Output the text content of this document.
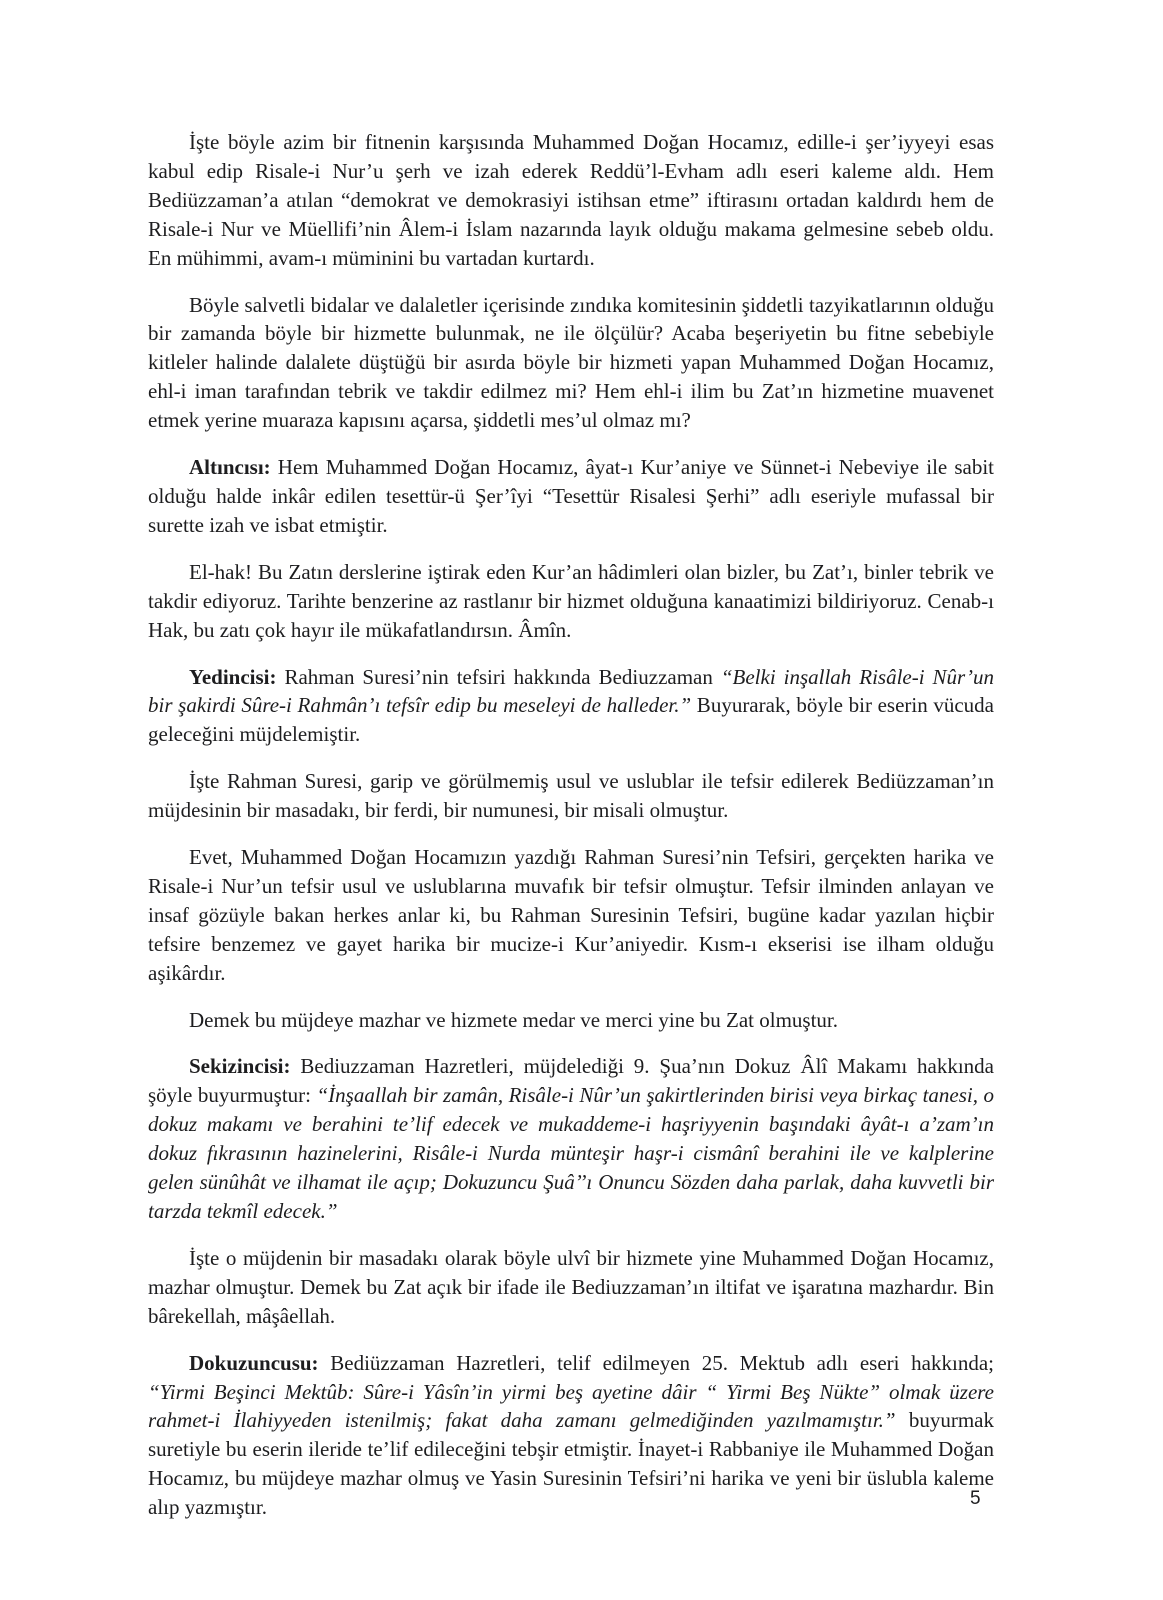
İşte böyle azim bir fitnenin karşısında Muhammed Doğan Hocamız, edille-i şer’iyyeyi esas kabul edip Risale-i Nur’u şerh ve izah ederek Reddü’l-Evham adlı eseri kaleme aldı. Hem Bediüzzaman’a atılan “demokrat ve demokrasiyi istihsan etme” iftirasını ortadan kaldırdı hem de Risale-i Nur ve Müellifi’nin Âlem-i İslam nazarında layık olduğu makama gelmesine sebeb oldu. En mühimmi, avam-ı müminini bu vartadan kurtardı.

Böyle salvetli bidalar ve dalaletler içerisinde zındıka komitesinin şiddetli tazyikatlarının olduğu bir zamanda böyle bir hizmette bulunmak, ne ile ölçülür? Acaba beşeriyetin bu fitne sebebiyle kitleler halinde dalalete düştüğü bir asırda böyle bir hizmeti yapan Muhammed Doğan Hocamız, ehl-i iman tarafından tebrik ve takdir edilmez mi? Hem ehl-i ilim bu Zat’ın hizmetine muavenet etmek yerine muaraza kapısını açarsa, şiddetli mes’ul olmaz mı?

Altıncısı: Hem Muhammed Doğan Hocamız, âyat-ı Kur’aniye ve Sünnet-i Nebeviye ile sabit olduğu halde inkâr edilen tesettür-ü Şer’îyi “Tesettür Risalesi Şerhi” adlı eseriyle mufassal bir surette izah ve isbat etmiştir.

El-hak! Bu Zatın derslerine iştirak eden Kur’an hâdimleri olan bizler, bu Zat’ı, binler tebrik ve takdir ediyoruz. Tarihte benzerine az rastlanır bir hizmet olduğuna kanaatimizi bildiriyoruz. Cenab-ı Hak, bu zatı çok hayır ile mükafatlandırsın. Âmîn.

Yedincisi: Rahman Suresi’nin tefsiri hakkında Bediuzzaman “Belki inşallah Risâle-i Nûr’un bir şakirdi Sûre-i Rahmân’ı tefsîr edip bu meseleyi de halleder.” Buyurarak, böyle bir eserin vücuda geleceğini müjdelemiştir.

İşte Rahman Suresi, garip ve görülmemiş usul ve uslublar ile tefsir edilerek Bediüzzaman’ın müjdesinin bir masadakı, bir ferdi, bir numunesi, bir misali olmuştur.

Evet, Muhammed Doğan Hocamızın yazdığı Rahman Suresi’nin Tefsiri, gerçekten harika ve Risale-i Nur’un tefsir usul ve uslublarına muvafık bir tefsir olmuştur. Tefsir ilminden anlayan ve insaf gözüyle bakan herkes anlar ki, bu Rahman Suresinin Tefsiri, bugüne kadar yazılan hiçbir tefsire benzemez ve gayet harika bir mucize-i Kur’aniyedir. Kısm-ı ekserisi ise ilham olduğu aşikârdır.

Demek bu müjdeye mazhar ve hizmete medar ve merci yine bu Zat olmuştur.

Sekizincisi: Bediuzzaman Hazretleri, müjdelediği 9. Şua’nın Dokuz Âlî Makamı hakkında şöyle buyurmuştur: “İnşaallah bir zamân, Risâle-i Nûr’un şakirtlerinden birisi veya birkaç tanesi, o dokuz makamı ve berahini te’lif edecek ve mukaddeme-i haşriyyenin başındaki âyât-ı a’zam’ın dokuz fıkrasının hazinelerini, Risâle-i Nurda münteşir haşr-i cismânî berahini ile ve kalplerine gelen sünûhât ve ilhamat ile açıp; Dokuzuncu Şuâ’’ı Onuncu Sözden daha parlak, daha kuvvetli bir tarzda tekmîl edecek.”

İşte o müjdenin bir masadakı olarak böyle ulvî bir hizmete yine Muhammed Doğan Hocamız, mazhar olmuştur. Demek bu Zat açık bir ifade ile Bediuzzaman’ın iltifat ve işaratına mazhardır. Bin bârekellah, mâşâellah.

Dokuzuncusu: Bediüzzaman Hazretleri, telif edilmeyen 25. Mektub adlı eseri hakkında; “Yirmi Beşinci Mektûb: Sûre-i Yâsîn’in yirmi beş ayetine dâir “ Yirmi Beş Nükte” olmak üzere rahmet-i İlahiyyeden istenilmiş; fakat daha zamanı gelmediğinden yazılmamıştır.” buyurmak suretiyle bu eserin ileride te’lif edileceğini tebşir etmiştir. İnayet-i Rabbaniye ile Muhammed Doğan Hocamız, bu müjdeye mazhar olmuş ve Yasin Suresinin Tefsiri’ni harika ve yeni bir üslubla kaleme alıp yazmıştır.	5
